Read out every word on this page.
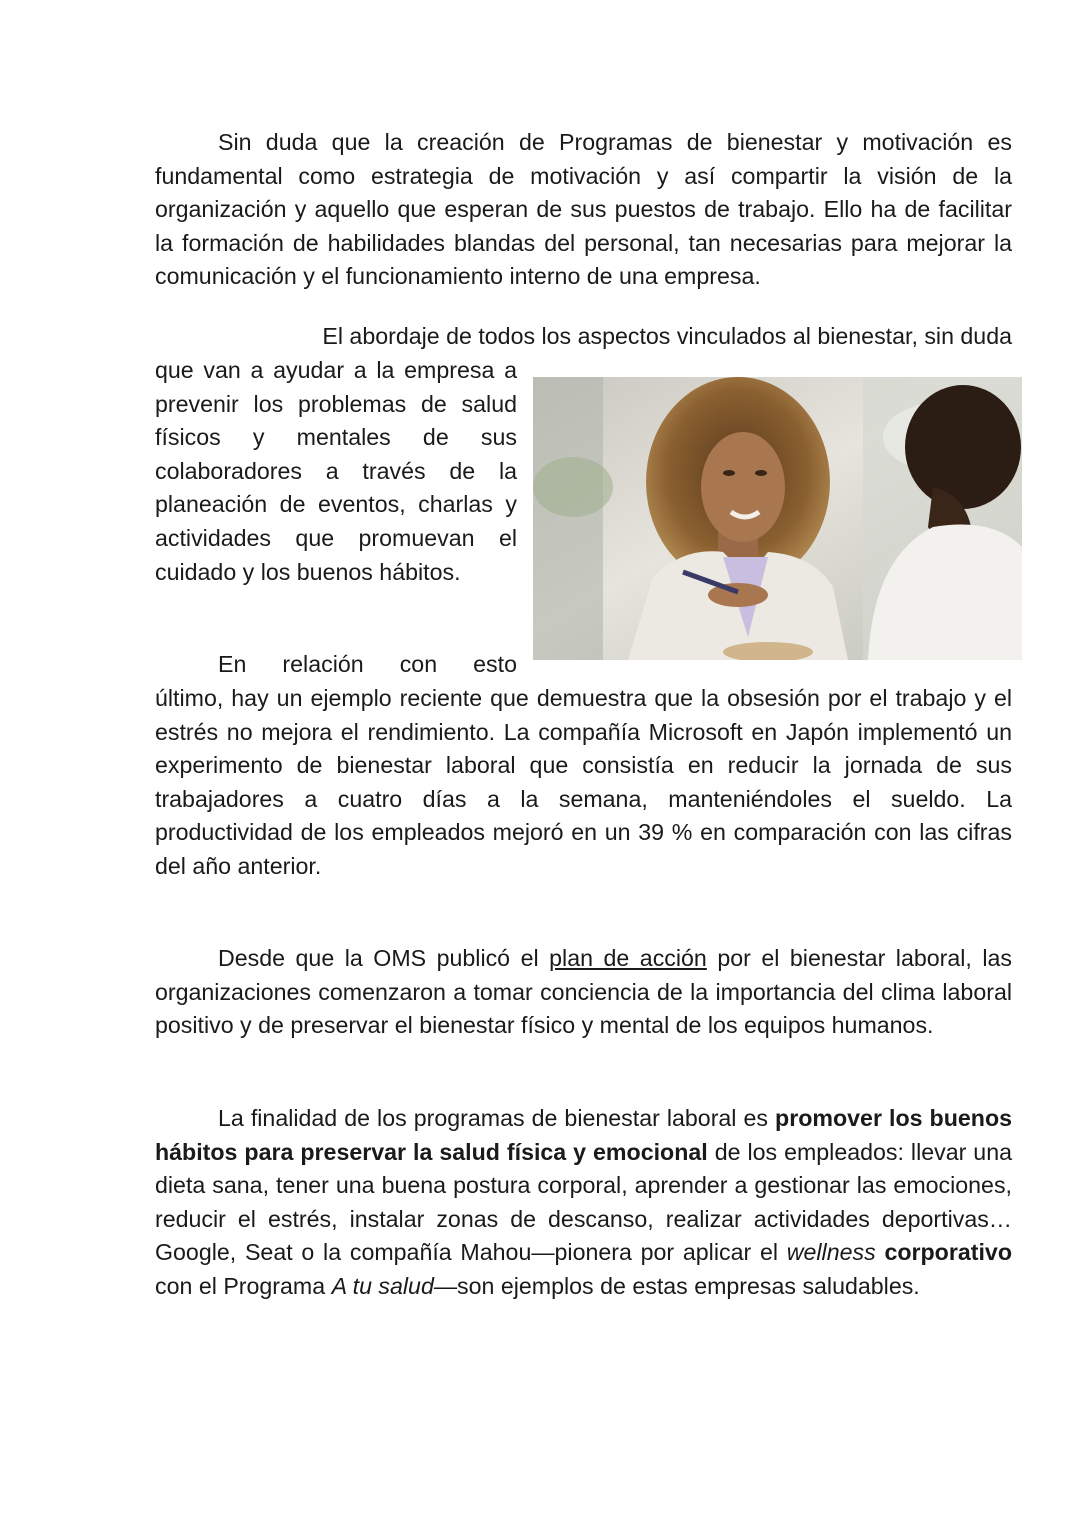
Sin duda que la creación de Programas de bienestar y motivación es fundamental como estrategia de motivación y así compartir la visión de la organización y aquello que esperan de sus puestos de trabajo. Ello ha de facilitar la formación de habilidades blandas del personal, tan necesarias para mejorar la comunicación y el funcionamiento interno de una empresa.

El abordaje de todos los aspectos vinculados al bienestar, sin duda

que van a ayudar a la empresa a prevenir los problemas de salud físicos y mentales de sus colaboradores a través de la planeación de eventos, charlas y actividades que promuevan el cuidado y los buenos hábitos.

En relación con esto

último, hay un ejemplo reciente que demuestra que la obsesión por el trabajo y el estrés no mejora el rendimiento. La compañía Microsoft en Japón implementó un experimento de bienestar laboral que consistía en reducir la jornada de sus trabajadores a cuatro días a la semana, manteniéndoles el sueldo. La productividad de los empleados mejoró en un 39 % en comparación con las cifras del año anterior.

Desde que la OMS publicó el plan de acción por el bienestar laboral, las organizaciones comenzaron a tomar conciencia de la importancia del clima laboral positivo y de preservar el bienestar físico y mental de los equipos humanos.

La finalidad de los programas de bienestar laboral es promover los buenos hábitos para preservar la salud física y emocional de los empleados: llevar una dieta sana, tener una buena postura corporal, aprender a gestionar las emociones, reducir el estrés, instalar zonas de descanso, realizar actividades deportivas… Google, Seat o la compañía Mahou—pionera por aplicar el wellness corporativo con el Programa A tu salud—son ejemplos de estas empresas saludables.
